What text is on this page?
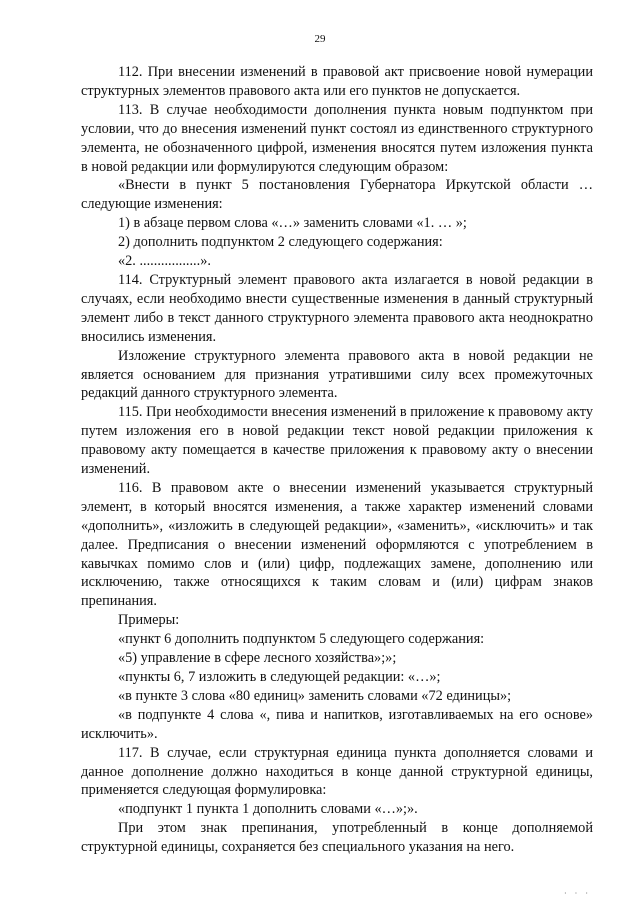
29

112. При внесении изменений в правовой акт присвоение новой нумерации структурных элементов правового акта или его пунктов не допускается.

113. В случае необходимости дополнения пункта новым подпунктом при условии, что до внесения изменений пункт состоял из единственного структурного элемента, не обозначенного цифрой, изменения вносятся путем изложения пункта в новой редакции или формулируются следующим образом:

«Внести в пункт 5 постановления Губернатора Иркутской области … следующие изменения:

1) в абзаце первом слова «…» заменить словами «1. … »;

2) дополнить подпунктом 2 следующего содержания:

«2. .................».

114. Структурный элемент правового акта излагается в новой редакции в случаях, если необходимо внести существенные изменения в данный структурный элемент либо в текст данного структурного элемента правового акта неоднократно вносились изменения.

Изложение структурного элемента правового акта в новой редакции не является основанием для признания утратившими силу всех промежуточных редакций данного структурного элемента.

115. При необходимости внесения изменений в приложение к правовому акту путем изложения его в новой редакции текст новой редакции приложения к правовому акту помещается в качестве приложения к правовому акту о внесении изменений.

116. В правовом акте о внесении изменений указывается структурный элемент, в который вносятся изменения, а также характер изменений словами «дополнить», «изложить в следующей редакции», «заменить», «исключить» и так далее. Предписания о внесении изменений оформляются с употреблением в кавычках помимо слов и (или) цифр, подлежащих замене, дополнению или исключению, также относящихся к таким словам и (или) цифрам знаков препинания.

Примеры:

«пункт 6 дополнить подпунктом 5 следующего содержания:

«5) управление в сфере лесного хозяйства»;»;

«пункты 6, 7 изложить в следующей редакции: «…»;

«в пункте 3 слова «80 единиц» заменить словами «72 единицы»;

«в подпункте 4 слова «, пива и напитков, изготавливаемых на его основе» исключить».

117. В случае, если структурная единица пункта дополняется словами и данное дополнение должно находиться в конце данной структурной единицы, применяется следующая формулировка:

«подпункт 1 пункта 1 дополнить словами «…»;».

При этом знак препинания, употребленный в конце дополняемой структурной единицы, сохраняется без специального указания на него.

· · ·
